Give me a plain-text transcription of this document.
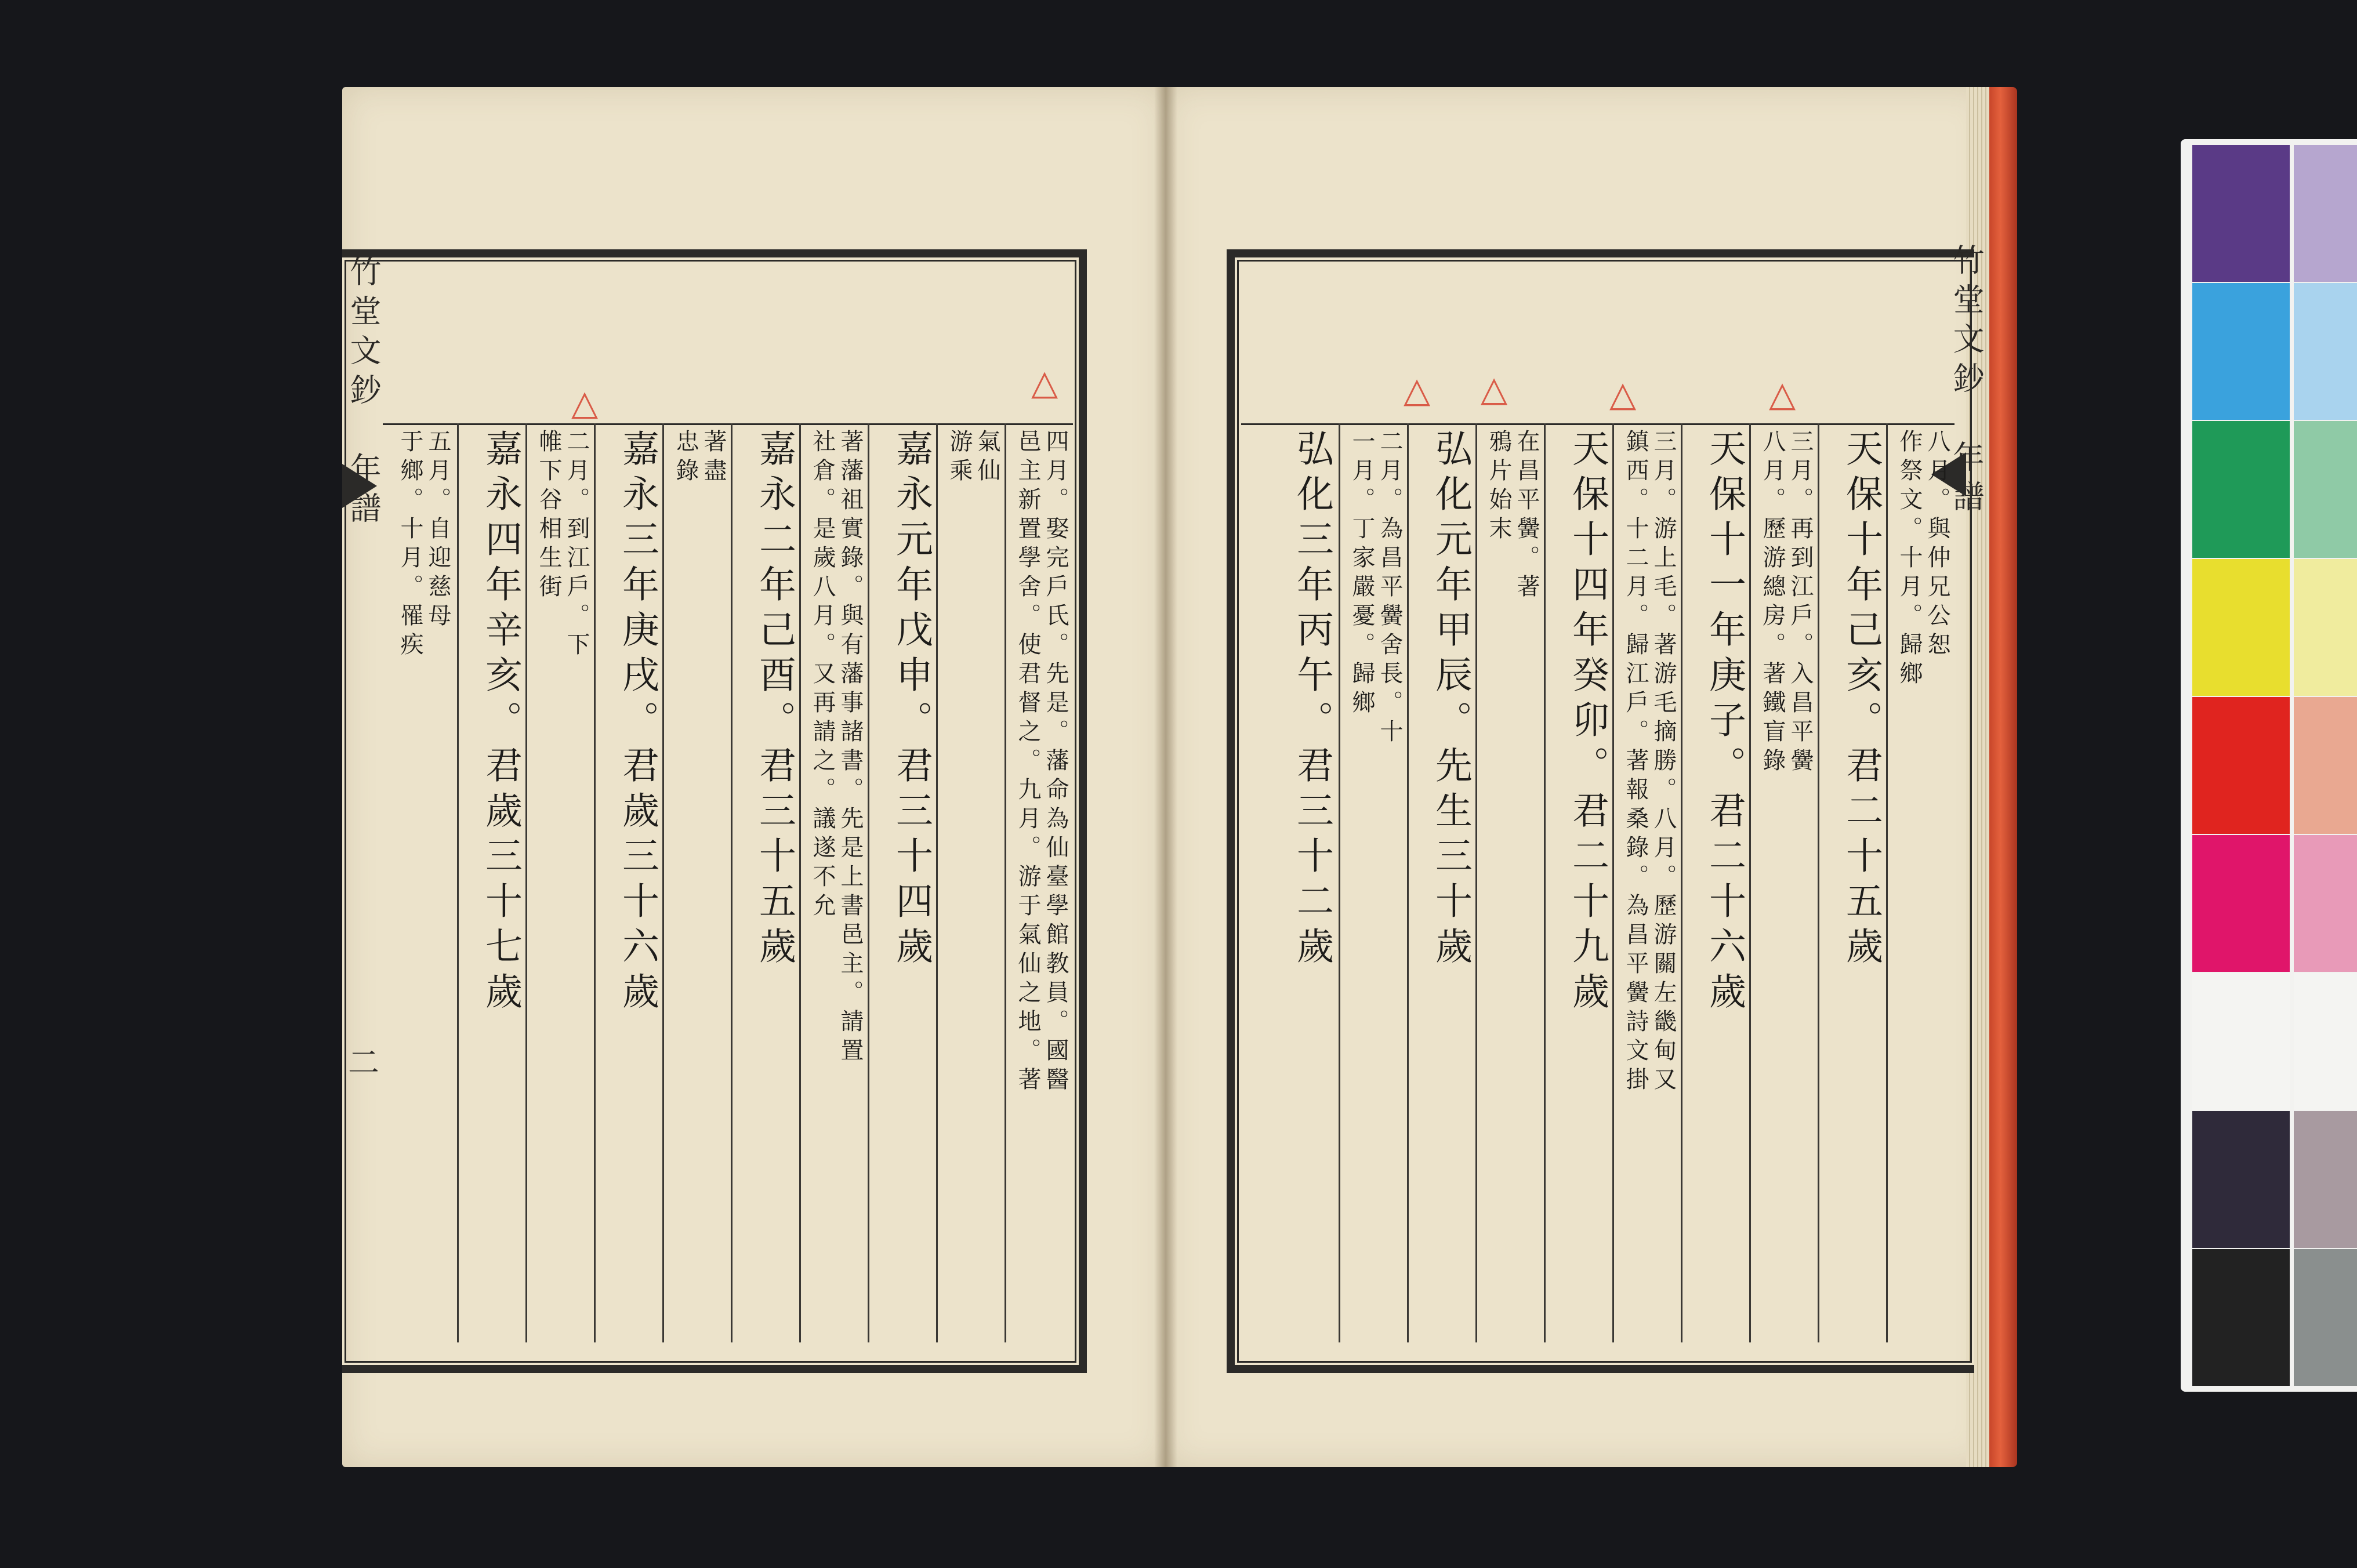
竹堂文鈔　年譜	竹堂文鈔　年譜
二
△	△	△ △	△	△
四月。娶完戶氏。先是。藩命為仙臺學館教員。國醫
邑主新置學舍。使君督之。九月。游于氣仙之地。著
氣仙
游乘
嘉永元年戊申。君三十四歲
著藩祖實錄。與有藩事諸書。先是上書邑主。請置
社倉。是歲八月。又再請之。議遂不允
嘉永二年己酉。君三十五歲
著盡
忠錄
嘉永三年庚戌。君歲三十六歲
二月。到江戶。下
帷下谷相生街
嘉永四年辛亥。君歲三十七歲
五月。自迎慈母
于鄉。十月。罹疾	八月。與仲兄公恕
作祭文。十月。歸鄉
天保十年己亥。君二十五歲
三月。再到江戶。入昌平黌
八月。歷游總房。著鐵盲錄
天保十一年庚子。君二十六歲
三月。游上毛。著游毛摘勝。八月。歷游關左畿甸又
鎮西。十二月。歸江戶。著報桑錄。為昌平黌詩文掛
天保十四年癸卯。君二十九歲
在昌平黌。著
鴉片始末
弘化元年甲辰。先生三十歲
二月。為昌平黌舍長。十
一月。丁家嚴憂。歸鄉
弘化三年丙午。君三十二歲
